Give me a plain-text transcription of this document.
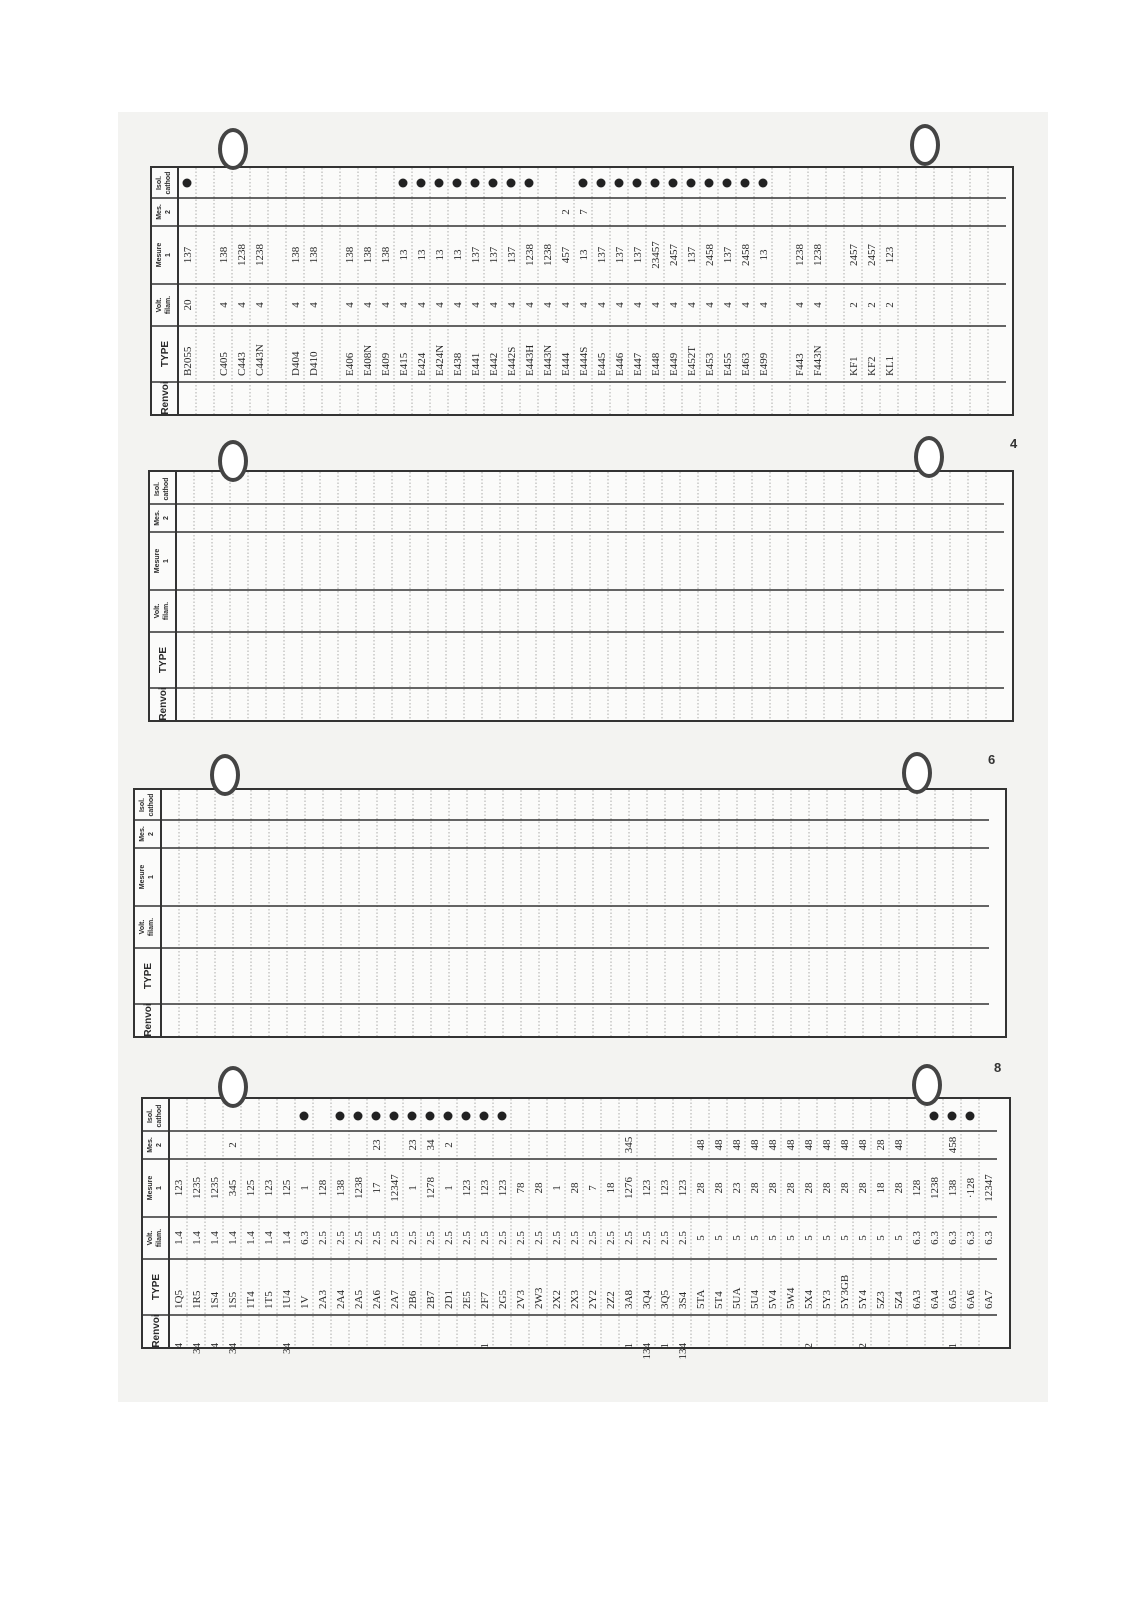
Renvoi
TYPE
Volt. filam.
Mesure 1
Mes. 2
Isol. cathod
B2055
20
137
C405
4
138
C443
4
1238
C443N
4
1238
D404
4
138
D410
4
138
E406
4
138
E408N
4
138
E409
4
138
E415
4
13
E424
4
13
E424N
4
13
E438
4
13
E441
4
137
E442
4
137
E442S
4
137
E443H
4
1238
E443N
4
1238
E444
4
457
2
E444S
4
13
7
E445
4
137
E446
4
137
E447
4
137
E448
4
23457
E449
4
2457
E452T
4
137
E453
4
2458
E455
4
137
E463
4
2458
E499
4
13
F443
4
1238
F443N
4
1238
KF1
2
2457
KF2
2
2457
KL1
2
123
Renvoi
TYPE
Volt. filam.
Mesure 1
Mes. 2
Isol. cathod
4
Renvoi
TYPE
Volt. filam.
Mesure 1
Mes. 2
Isol. cathod
6
Renvoi
TYPE
Volt. filam.
Mesure 1
Mes. 2
Isol. cathod
4
1Q5
1.4
123
34
1R5
1.4
1235
4
1S4
1.4
1235
34
1S5
1.4
345
2
1T4
1.4
125
1T5
1.4
123
34
1U4
1.4
125
1V
6.3
1
2A3
2.5
128
2A4
2.5
138
2A5
2.5
1238
2A6
2.5
17
23
2A7
2.5
12347
2B6
2.5
1
23
2B7
2.5
1278
34
2D1
2.5
1
2
2E5
2.5
123
1
2F7
2.5
123
2G5
2.5
123
2V3
2.5
78
2W3
2.5
28
2X2
2.5
1
2X3
2.5
28
2Y2
2.5
7
2Z2
2.5
18
1
3A8
2.5
1276
345
134
3Q4
2.5
123
1
3Q5
2.5
123
134
3S4
2.5
123
5TA
5
28
48
5T4
5
28
48
5UA
5
23
48
5U4
5
28
48
5V4
5
28
48
5W4
5
28
48
2
5X4
5
28
48
5Y3
5
28
48
5Y3GB
5
28
48
2
5Y4
5
28
48
5Z3
5
18
28
5Z4
5
28
48
6A3
6.3
128
6A4
6.3
1238
1
6A5
6.3
138
458
6A6
6.3
·128
6A7
6.3
12347
8
